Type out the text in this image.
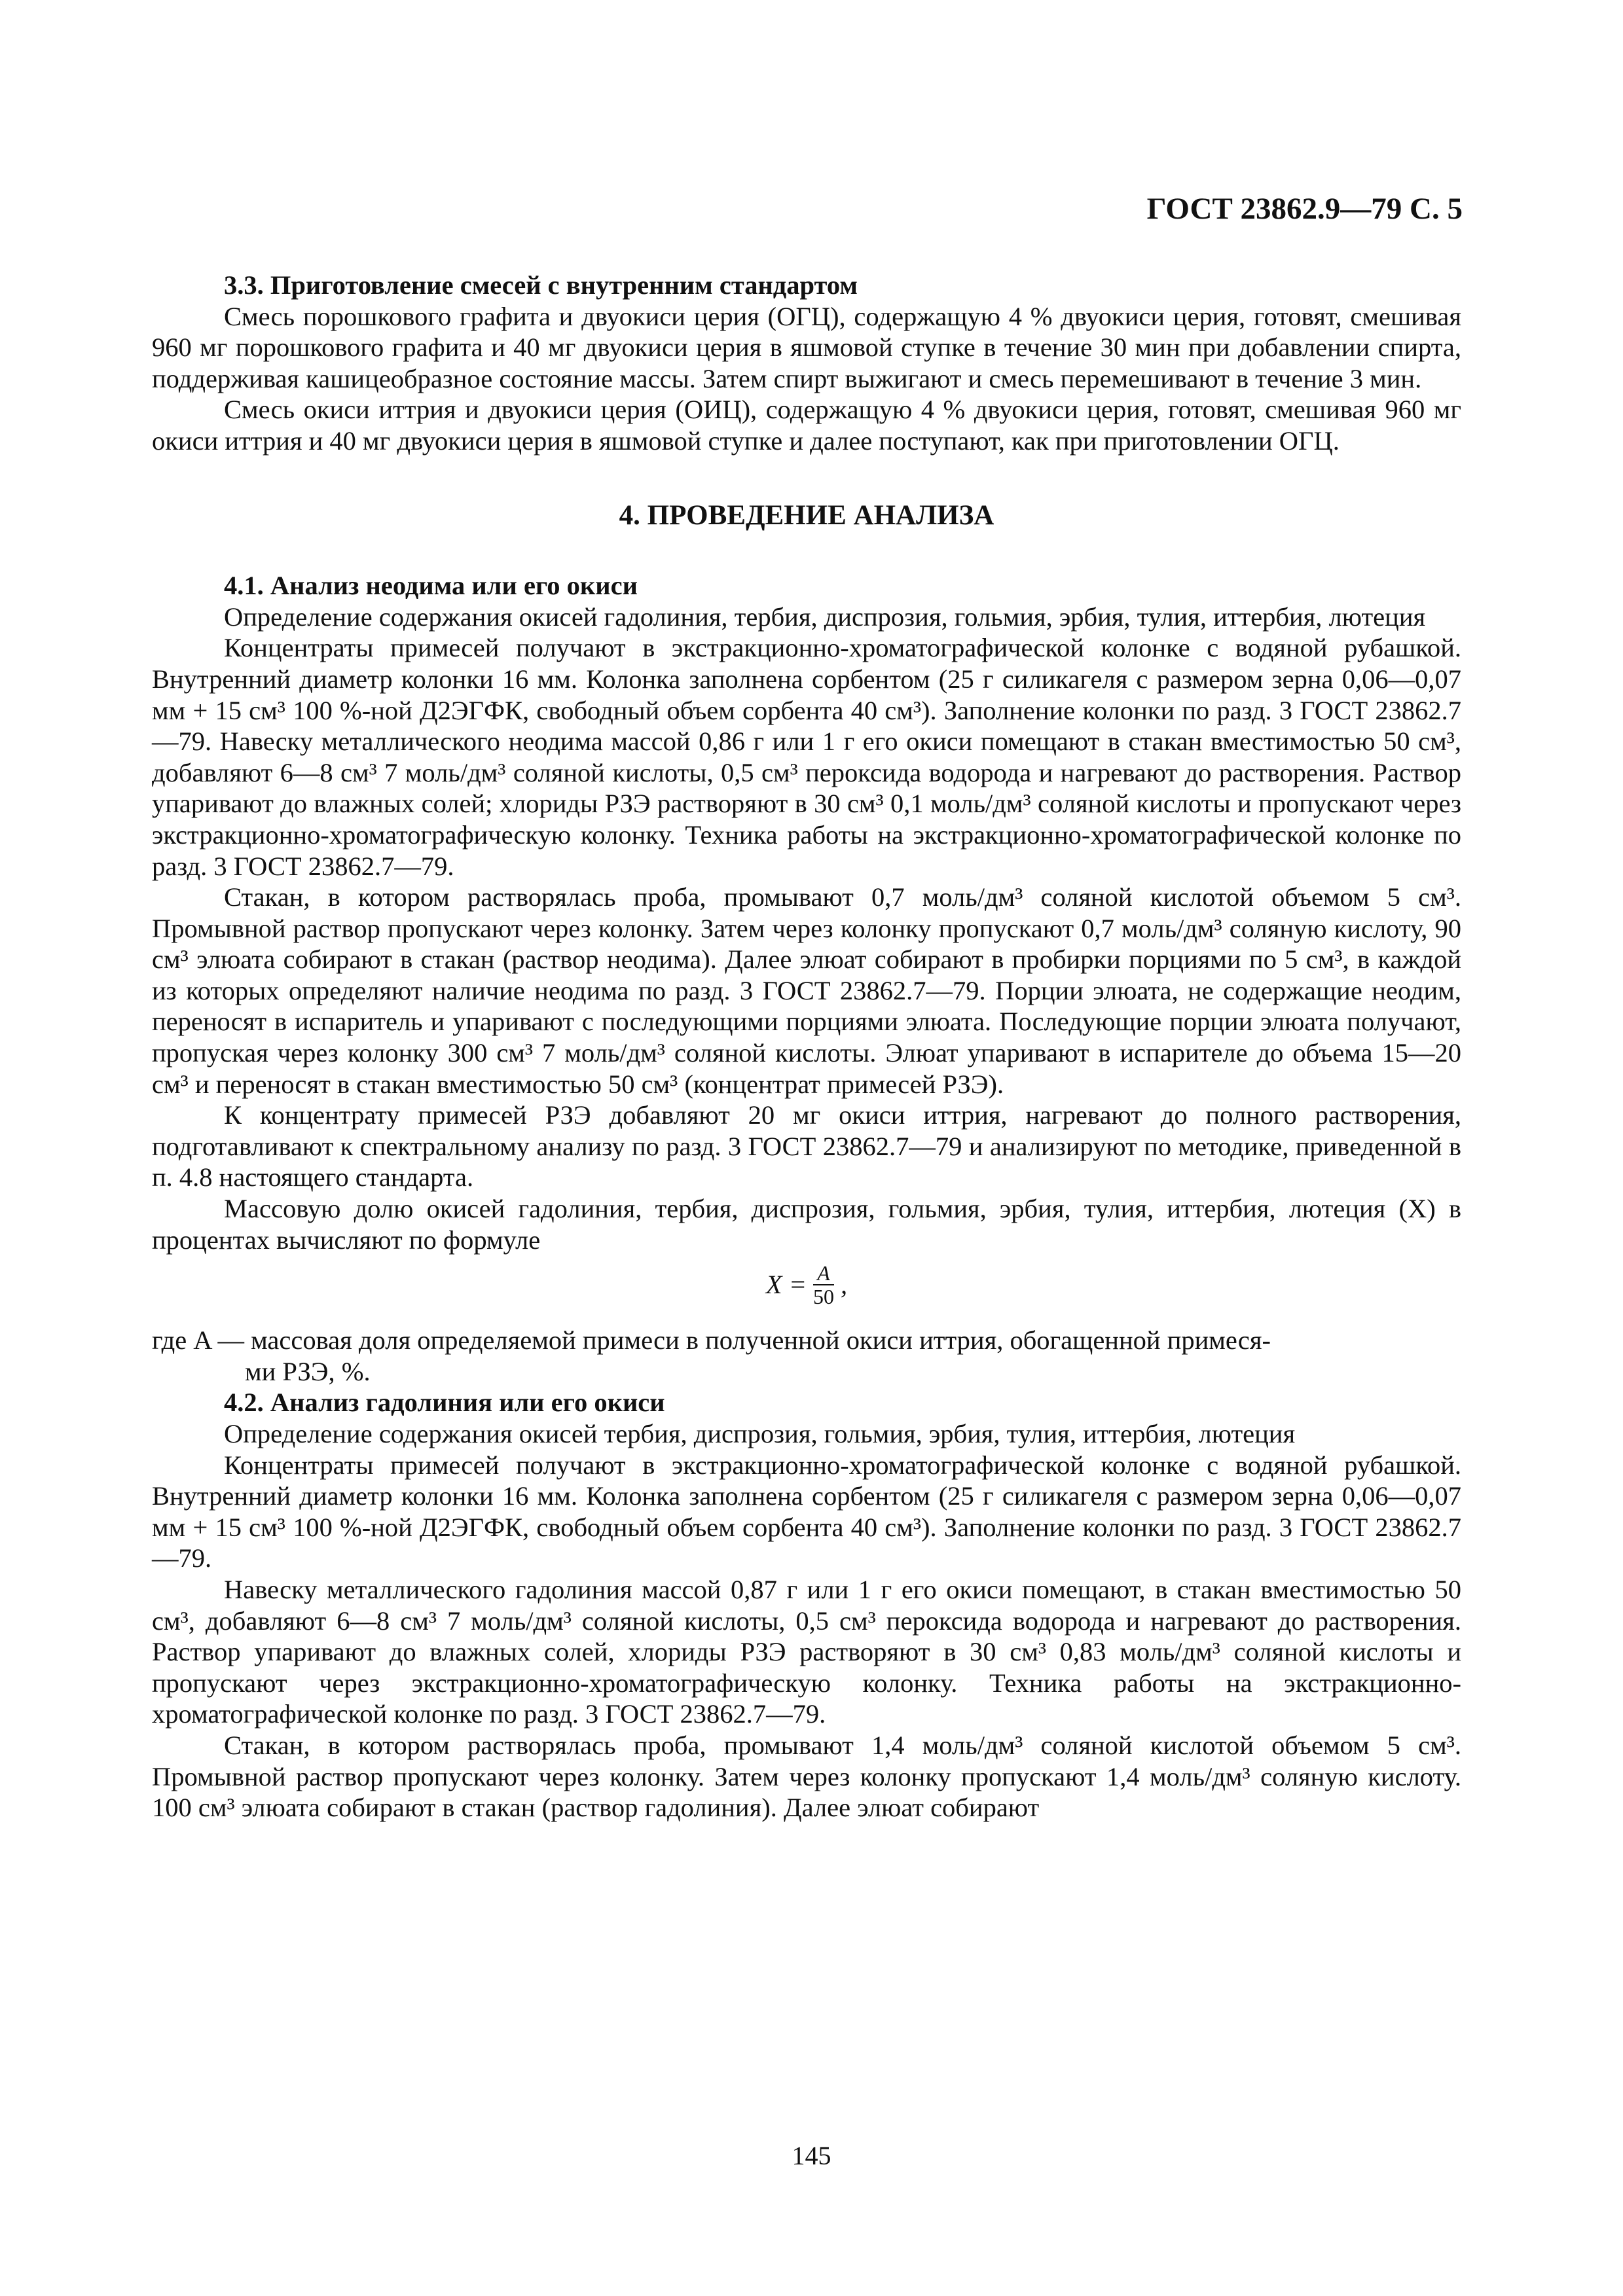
ГОСТ 23862.9—79 С. 5

3.3. Приготовление смесей с внутренним стандартом

Смесь порошкового графита и двуокиси церия (ОГЦ), содержащую 4 % двуокиси церия, готовят, смешивая 960 мг порошкового графита и 40 мг двуокиси церия в яшмовой ступке в течение 30 мин при добавлении спирта, поддерживая кашицеобразное состояние массы. Затем спирт выжигают и смесь перемешивают в течение 3 мин.

Смесь окиси иттрия и двуокиси церия (ОИЦ), содержащую 4 % двуокиси церия, готовят, смешивая 960 мг окиси иттрия и 40 мг двуокиси церия в яшмовой ступке и далее поступают, как при приготовлении ОГЦ.

4. ПРОВЕДЕНИЕ АНАЛИЗА

4.1. Анализ неодима или его окиси

Определение содержания окисей гадолиния, тербия, диспрозия, гольмия, эрбия, тулия, иттербия, лютеция

Концентраты примесей получают в экстракционно-хроматографической колонке с водяной рубашкой. Внутренний диаметр колонки 16 мм. Колонка заполнена сорбентом (25 г силикагеля с размером зерна 0,06—0,07 мм + 15 см³ 100 %-ной Д2ЭГФК, свободный объем сорбента 40 см³). Заполнение колонки по разд. 3 ГОСТ 23862.7—79. Навеску металлического неодима массой 0,86 г или 1 г его окиси помещают в стакан вместимостью 50 см³, добавляют 6—8 см³ 7 моль/дм³ соляной кислоты, 0,5 см³ пероксида водорода и нагревают до растворения. Раствор упаривают до влажных солей; хлориды РЗЭ растворяют в 30 см³ 0,1 моль/дм³ соляной кислоты и пропускают через экстракционно-хроматографическую колонку. Техника работы на экстракционно-хроматографической колонке по разд. 3 ГОСТ 23862.7—79.

Стакан, в котором растворялась проба, промывают 0,7 моль/дм³ соляной кислотой объемом 5 см³. Промывной раствор пропускают через колонку. Затем через колонку пропускают 0,7 моль/дм³ соляную кислоту, 90 см³ элюата собирают в стакан (раствор неодима). Далее элюат собирают в пробирки порциями по 5 см³, в каждой из которых определяют наличие неодима по разд. 3 ГОСТ 23862.7—79. Порции элюата, не содержащие неодим, переносят в испаритель и упаривают с последующими порциями элюата. Последующие порции элюата получают, пропуская через колонку 300 см³ 7 моль/дм³ соляной кислоты. Элюат упаривают в испарителе до объема 15—20 см³ и переносят в стакан вместимостью 50 см³ (концентрат примесей РЗЭ).

К концентрату примесей РЗЭ добавляют 20 мг окиси иттрия, нагревают до полного растворения, подготавливают к спектральному анализу по разд. 3 ГОСТ 23862.7—79 и анализируют по методике, приведенной в п. 4.8 настоящего стандарта.

Массовую долю окисей гадолиния, тербия, диспрозия, гольмия, эрбия, тулия, иттербия, лютеция (X) в процентах вычисляют по формуле

$X = \frac{A}{50}$ ,

где A — массовая доля определяемой примеси в полученной окиси иттрия, обогащенной примеся-

ми РЗЭ, %.

4.2. Анализ гадолиния или его окиси

Определение содержания окисей тербия, диспрозия, гольмия, эрбия, тулия, иттербия, лютеция

Концентраты примесей получают в экстракционно-хроматографической колонке с водяной рубашкой. Внутренний диаметр колонки 16 мм. Колонка заполнена сорбентом (25 г силикагеля с размером зерна 0,06—0,07 мм + 15 см³ 100 %-ной Д2ЭГФК, свободный объем сорбента 40 см³). Заполнение колонки по разд. 3 ГОСТ 23862.7—79.

Навеску металлического гадолиния массой 0,87 г или 1 г его окиси помещают, в стакан вместимостью 50 см³, добавляют 6—8 см³ 7 моль/дм³ соляной кислоты, 0,5 см³ пероксида водорода и нагревают до растворения. Раствор упаривают до влажных солей, хлориды РЗЭ растворяют в 30 см³ 0,83 моль/дм³ соляной кислоты и пропускают через экстракционно-хроматографическую колонку. Техника работы на экстракционно-хроматографической колонке по разд. 3 ГОСТ 23862.7—79.

Стакан, в котором растворялась проба, промывают 1,4 моль/дм³ соляной кислотой объемом 5 см³. Промывной раствор пропускают через колонку. Затем через колонку пропускают 1,4 моль/дм³ соляную кислоту. 100 см³ элюата собирают в стакан (раствор гадолиния). Далее элюат собирают

145
